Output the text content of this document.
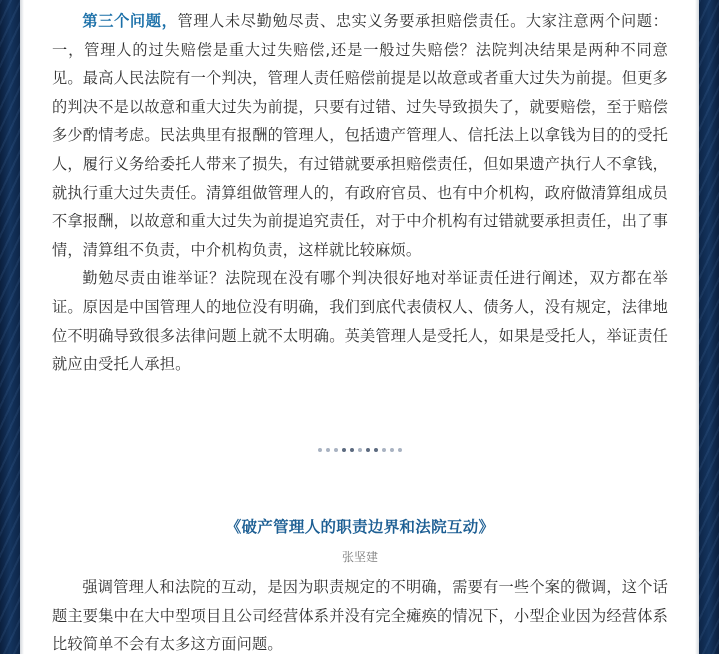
第三个问题，管理人未尽勤勉尽责、忠实义务要承担赔偿责任。大家注意两个问题：一，管理人的过失赔偿是重大过失赔偿,还是一般过失赔偿？法院判决结果是两种不同意见。最高人民法院有一个判决，管理人责任赔偿前提是以故意或者重大过失为前提。但更多的判决不是以故意和重大过失为前提，只要有过错、过失导致损失了，就要赔偿，至于赔偿多少酌情考虑。民法典里有报酬的管理人，包括遗产管理人、信托法上以拿钱为目的的受托人，履行义务给委托人带来了损失，有过错就要承担赔偿责任，但如果遗产执行人不拿钱，就执行重大过失责任。清算组做管理人的，有政府官员、也有中介机构，政府做清算组成员不拿报酬，以故意和重大过失为前提追究责任，对于中介机构有过错就要承担责任，出了事情，清算组不负责，中介机构负责，这样就比较麻烦。

勤勉尽责由谁举证？法院现在没有哪个判决很好地对举证责任进行阐述，双方都在举证。原因是中国管理人的地位没有明确，我们到底代表债权人、债务人，没有规定，法律地位不明确导致很多法律问题上就不太明确。英美管理人是受托人，如果是受托人，举证责任就应由受托人承担。

《破产管理人的职责边界和法院互动》
张坚建

强调管理人和法院的互动，是因为职责规定的不明确，需要有一些个案的微调，这个话题主要集中在大中型项目且公司经营体系并没有完全瘫痪的情况下，小型企业因为经营体系比较简单不会有太多这方面问题。
